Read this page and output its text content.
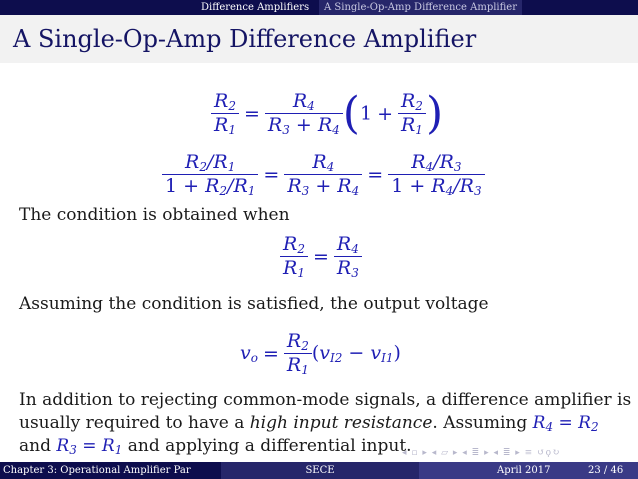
Difference Amplifiers	A Single-Op-Amp Difference Amplifier
A Single-Op-Amp Difference Amplifier
$\frac{R_2}{R_1} = \frac{R_4}{R_3 + R_4} (1 + \frac{R_2}{R_1}$ )
$\frac{R_2/R_1}{1 + R_2/R_1} = \frac{R_4}{R_3 + R_4} = \frac{R_4/R_3}{1 + R_4/R_3}$
The condition is obtained when
$\frac{R_2}{R_1} = \frac{R_4}{R_3}$
Assuming the condition is satisfied, the output voltage
$v_o = \frac{R_2}{R_1} (v_{I2} - v_{I1})$
In addition to rejecting common-mode signals, a difference amplifier is
usually required to have a high input resistance. Assuming $R_4 = R_2$
and $R_3 = R_1$ and applying a differential input.
◂ ▫ ▸ ◂ ▱ ▸ ◂ ≣ ▸ ◂ ≣ ▸ ≡ ↺ϙ↻
Chapter 3: Operational Amplifier Par	SECE	April 2017	23 / 46
